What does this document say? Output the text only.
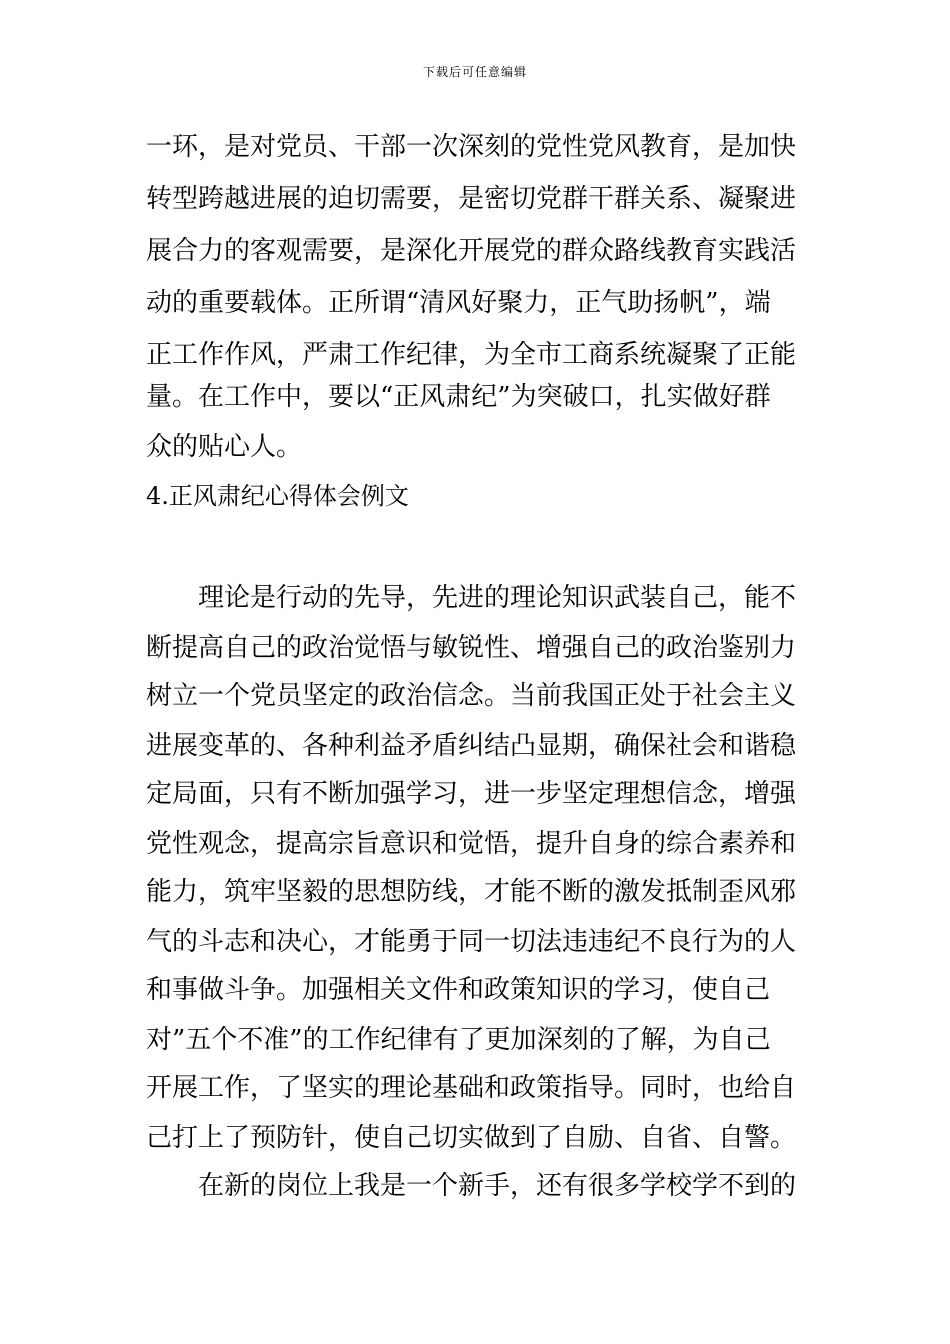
下载后可任意编辑
一环，是对党员、干部一次深刻的党性党风教育，是加快
转型跨越进展的迫切需要，是密切党群干群关系、凝聚进
展合力的客观需要，是深化开展党的群众路线教育实践活
动的重要载体。正所谓“清风好聚力，正气助扬帆”，端
正工作作风，严肃工作纪律，为全市工商系统凝聚了正能
量。在工作中，要以“正风肃纪”为突破口，扎实做好群
众的贴心人。
4.正风肃纪心得体会例文
理论是行动的先导，先进的理论知识武装自己，能不
断提高自己的政治觉悟与敏锐性、增强自己的政治鉴别力
树立一个党员坚定的政治信念。当前我国正处于社会主义
进展变革的、各种利益矛盾纠结凸显期，确保社会和谐稳
定局面，只有不断加强学习，进一步坚定理想信念，增强
党性观念，提高宗旨意识和觉悟，提升自身的综合素养和
能力，筑牢坚毅的思想防线，才能不断的激发抵制歪风邪
气的斗志和决心，才能勇于同一切法违违纪不良行为的人
和事做斗争。加强相关文件和政策知识的学习，使自己
对”五个不准”的工作纪律有了更加深刻的了解，为自己
开展工作，了坚实的理论基础和政策指导。同时，也给自
己打上了预防针，使自己切实做到了自励、自省、自警。
在新的岗位上我是一个新手，还有很多学校学不到的
